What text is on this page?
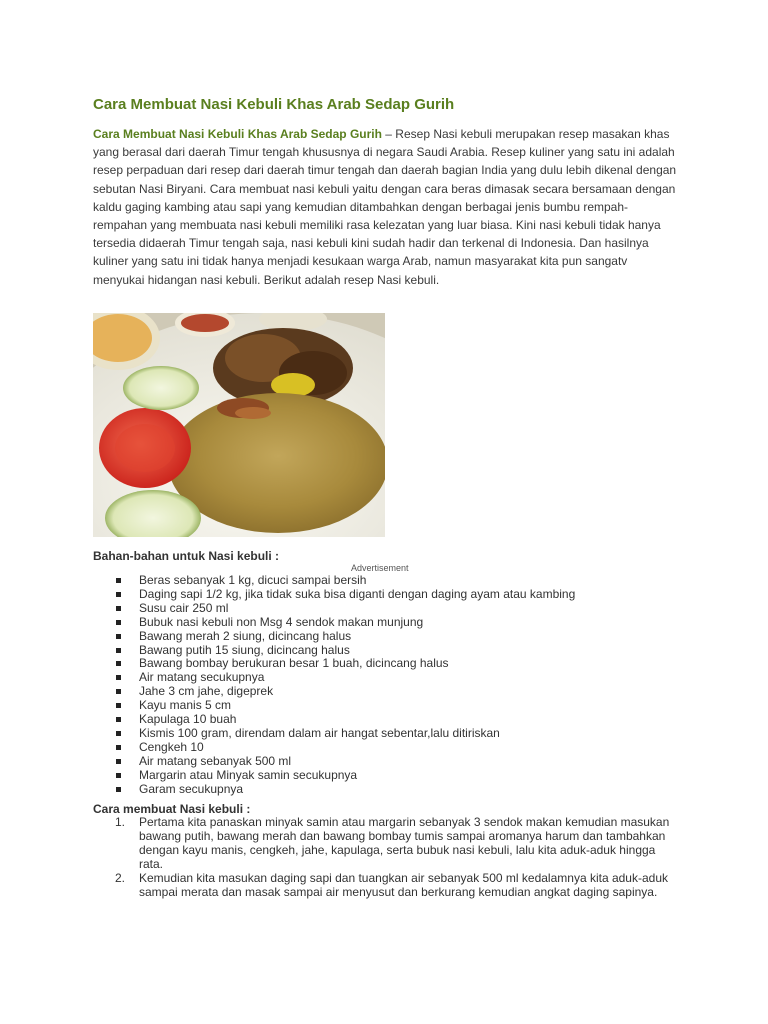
Cara Membuat Nasi Kebuli Khas Arab Sedap Gurih

Cara Membuat Nasi Kebuli Khas Arab Sedap Gurih – Resep Nasi kebuli merupakan resep masakan khas yang berasal dari daerah Timur tengah khususnya di negara Saudi Arabia. Resep kuliner yang satu ini adalah resep perpaduan dari resep dari daerah timur tengah dan daerah bagian India yang dulu lebih dikenal dengan sebutan Nasi Biryani. Cara membuat nasi kebuli yaitu dengan cara beras dimasak secara bersamaan dengan kaldu gaging kambing atau sapi yang kemudian ditambahkan dengan berbagai jenis bumbu rempah-rempahan yang membuata nasi kebuli memiliki rasa kelezatan yang luar biasa. Kini nasi kebuli tidak hanya tersedia didaerah Timur tengah saja, nasi kebuli kini sudah hadir dan terkenal di Indonesia. Dan hasilnya kuliner yang satu ini tidak hanya menjadi kesukaan warga Arab, namun masyarakat kita pun sangatv menyukai hidangan nasi kebuli. Berikut adalah resep Nasi kebuli.

Bahan-bahan untuk Nasi kebuli :

Advertisement
Beras sebanyak 1 kg, dicuci sampai bersih
Daging sapi 1/2 kg, jika tidak suka bisa diganti dengan daging ayam atau kambing
Susu cair 250 ml
Bubuk nasi kebuli non Msg 4 sendok makan munjung
Bawang merah 2 siung, dicincang halus
Bawang putih 15 siung, dicincang halus
Bawang bombay berukuran besar 1 buah, dicincang halus
Air matang secukupnya
Jahe 3 cm jahe, digeprek
Kayu manis 5 cm
Kapulaga 10 buah
Kismis 100 gram, direndam dalam air hangat sebentar,lalu ditiriskan
Cengkeh 10
Air matang sebanyak 500 ml
Margarin atau Minyak samin secukupnya
Garam secukupnya

Cara membuat Nasi kebuli :

1. Pertama kita panaskan minyak samin atau margarin sebanyak 3 sendok makan kemudian masukan bawang putih, bawang merah dan bawang bombay tumis sampai aromanya harum dan tambahkan dengan kayu manis, cengkeh, jahe, kapulaga, serta bubuk nasi kebuli, lalu kita aduk-aduk hingga rata.
2. Kemudian kita masukan daging sapi dan tuangkan air sebanyak 500 ml kedalamnya kita aduk-aduk sampai merata dan masak sampai air menyusut dan berkurang kemudian angkat daging sapinya.
